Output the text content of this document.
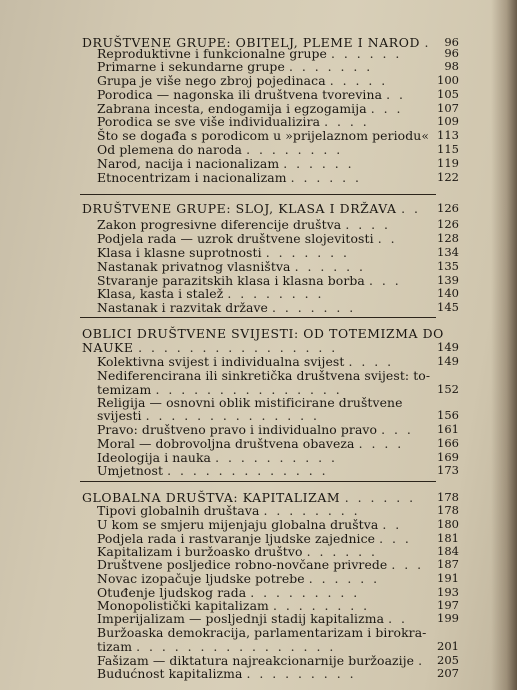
DRUŠTVENE GRUPE: OBITELJ, PLEME I NAROD .	96
Reproduktivne i funkcionalne grupe . . . . . .	96
Primarne i sekundarne grupe . . . . . . .	98
Grupa je više nego zbroj pojedinaca . . . . .	100
Porodica — nagonska ili društvena tvorevina . .	105
Zabrana incesta, endogamija i egzogamija . . .	107
Porodica se sve više individualizira . . . .	109
Što se događa s porodicom u »prijelaznom periodu« 113
Od plemena do naroda . . . . . . . .	115
Narod, nacija i nacionalizam . . . . . .	119
Etnocentrizam i nacionalizam . . . . . .	122
DRUŠTVENE GRUPE: SLOJ, KLASA I DRŽAVA . .	126
Zakon progresivne diferencije društva . . . .	126
Podjela rada — uzrok društvene slojevitosti . .	128
Klasa i klasne suprotnosti . . . . . . .	134
Nastanak privatnog vlasništva . . . . . .	135
Stvaranje parazitskih klasa i klasna borba . . .	139
Klasa, kasta i stalež . . . . . . . .	140
Nastanak i razvitak države . . . . . . .	145
OBLICI DRUŠTVENE SVIJESTI: OD TOTEMIZMA DO
NAUKE . . . . . . . . . . . . . . . .	149
Kolektivna svijest i individualna svijest . . . .	149
Nediferencirana ili sinkretička društvena svijest: to-
temizam . . . . . . . . . . . . . . .	152
Religija — osnovni oblik mistificirane društvene
svijesti . . . . . . . . . . . . . .	156
Pravo: društveno pravo i individualno pravo . . .	161
Moral — dobrovoljna društvena obaveza . . . .	166
Ideologija i nauka . . . . . . . . . .	169
Umjetnost . . . . . . . . . . . . .	173
GLOBALNA DRUŠTVA: KAPITALIZAM . . . . . .	178
Tipovi globalnih društava . . . . . . . .	178
U kom se smjeru mijenjaju globalna društva . .	180
Podjela rada i rastvaranje ljudske zajednice . . .	181
Kapitalizam i buržoasko društvo . . . . . .	184
Društvene posljedice robno-novčane privrede . . .	187
Novac izopačuje ljudske potrebe . . . . . .	191
Otuđenje ljudskog rada . . . . . . . . .	193
Monopolistički kapitalizam . . . . . . . .	197
Imperijalizam — posljednji stadij kapitalizma . .	199
Buržoaska demokracija, parlamentarizam i birokra-
tizam . . . . . . . . . . . . . . . .	201
Fašizam — diktatura najreakcionarnije buržoazije .	205
Budućnost kapitalizma . . . . . . . . .	207
